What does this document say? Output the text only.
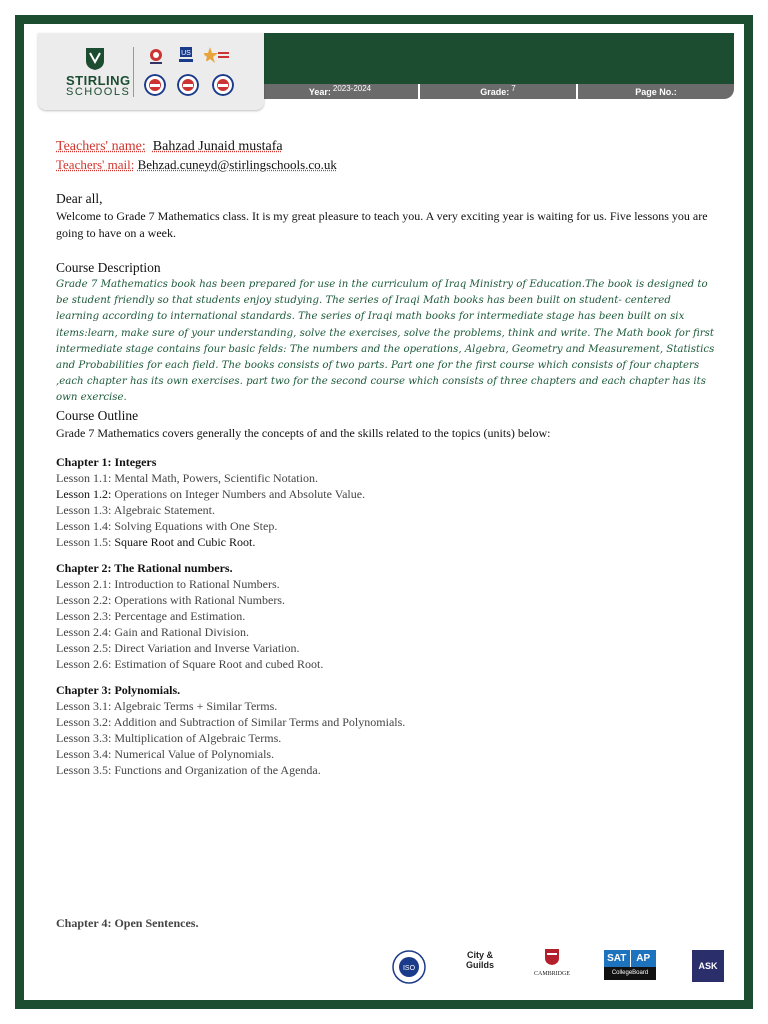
Year: 2023-2024	Grade: 7	Page No.:
STIRLING
SCHOOLS
US
Teachers' name: Bahzad Junaid mustafa
Teachers' mail: Behzad.cuneyd@stirlingschools.co.uk
Dear all,

Welcome to Grade 7 Mathematics class. It is my great pleasure to teach you. A very exciting year is waiting for us. Five lessons you are going to have on a week.

Course Description

Grade 7 Mathematics book has been prepared for use in the curriculum of Iraq Ministry of Education.The book is designed to be student friendly so that students enjoy studying. The series of Iraqi Math books has been built on student- centered learning according to international standards. The series of Iraqi math books for intermediate stage has been built on six items:learn, make sure of your understanding, solve the exercises, solve the problems, think and write. The Math book for first intermediate stage contains four basic felds: The numbers and the operations, Algebra, Geometry and Measurement, Statistics and Probabilities for each field. The books consists of two parts. Part one for the first course which consists of four chapters ,each chapter has its own exercises. part two for the second course which consists of three chapters and each chapter has its own exercise.

Course Outline

Grade 7 Mathematics covers generally the concepts of and the skills related to the topics (units) below:

Chapter 1: Integers
Lesson 1.1: Mental Math, Powers, Scientific Notation.
Lesson 1.2: Operations on Integer Numbers and Absolute Value.
Lesson 1.3: Algebraic Statement.
Lesson 1.4: Solving Equations with One Step.
Lesson 1.5: Square Root and Cubic Root.
Chapter 2: The Rational numbers.
Lesson 2.1: Introduction to Rational Numbers.
Lesson 2.2: Operations with Rational Numbers.
Lesson 2.3: Percentage and Estimation.
Lesson 2.4: Gain and Rational Division.
Lesson 2.5: Direct Variation and Inverse Variation.
Lesson 2.6: Estimation of Square Root and cubed Root.
Chapter 3: Polynomials.
Lesson 3.1: Algebraic Terms + Similar Terms.
Lesson 3.2: Addition and Subtraction of Similar Terms and Polynomials.
Lesson 3.3: Multiplication of Algebraic Terms.
Lesson 3.4: Numerical Value of Polynomials.
Lesson 3.5: Functions and Organization of the Agenda.
Chapter 4: Open Sentences.
ISO
City & Guilds
CAMBRIDGE
SAT AP
CollegeBoard
ASK
